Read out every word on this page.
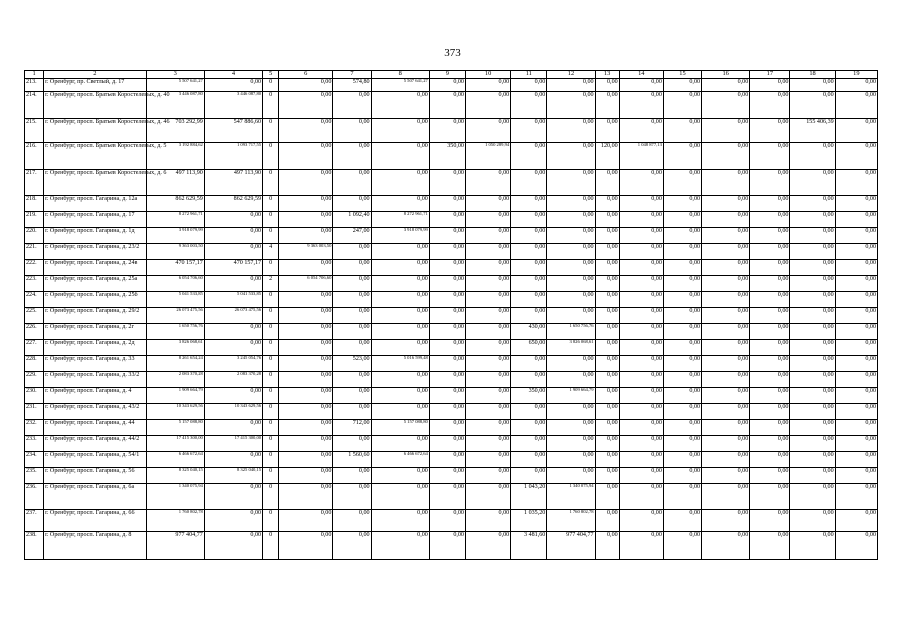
373
1	2	3	4	5	6	7	8	9	10	11	12	13	14	15	16	17	18	19
213.	г. Оренбург, пр. Светлый, д. 17	5 507 641,27	0,00	0	0,00	574,80	5 507 641,27	0,00	0,00	0,00	0,00	0,00	0,00	0,00	0,00	0,00	0,00	0,00
214.	г. Оренбург, просп. Братьев Коростелевых, д. 40	3 446 087,80	3 446 087,80	0	0,00	0,00	0,00	0,00	0,00	0,00	0,00	0,00	0,00	0,00	0,00	0,00	0,00	0,00
215.	г. Оренбург, просп. Братьев Коростелевых, д. 46	703 292,99	547 886,60	0	0,00	0,00	0,00	0,00	0,00	0,00	0,00	0,00	0,00	0,00	0,00	0,00	155 406,39	0,00
216.	г. Оренбург, просп. Братьев Коростелевых, д. 5	3 192 884,62	1 093 717,55	0	0,00	0,00	0,00	350,00	1 050 289,94	0,00	0,00	120,00	1 048 877,13	0,00	0,00	0,00	0,00	0,00
217.	г. Оренбург, просп. Братьев Коростелевых, д. 6	497 113,90	497 113,90	0	0,00	0,00	0,00	0,00	0,00	0,00	0,00	0,00	0,00	0,00	0,00	0,00	0,00	0,00
218.	г. Оренбург, просп. Гагарина, д. 12а	862 629,59	862 629,59	0	0,00	0,00	0,00	0,00	0,00	0,00	0,00	0,00	0,00	0,00	0,00	0,00	0,00	0,00
219.	г. Оренбург, просп. Гагарина, д. 17	8 272 961,71	0,00	0	0,00	1 092,40	8 272 961,71	0,00	0,00	0,00	0,00	0,00	0,00	0,00	0,00	0,00	0,00	0,00
220.	г. Оренбург, просп. Гагарина, д. 1д	3 918 079,99	0,00	0	0,00	247,00	3 918 079,99	0,00	0,00	0,00	0,00	0,00	0,00	0,00	0,00	0,00	0,00	0,00
221.	г. Оренбург, просп. Гагарина, д. 23/2	9 363 003,50	0,00	4	9 363 003,50	0,00	0,00	0,00	0,00	0,00	0,00	0,00	0,00	0,00	0,00	0,00	0,00	0,00
222.	г. Оренбург, просп. Гагарина, д. 24в	470 157,17	470 157,17	0	0,00	0,00	0,00	0,00	0,00	0,00	0,00	0,00	0,00	0,00	0,00	0,00	0,00	0,00
223.	г. Оренбург, просп. Гагарина, д. 25а	6 054 706,60	0,00	2	6 054 706,60	0,00	0,00	0,00	0,00	0,00	0,00	0,00	0,00	0,00	0,00	0,00	0,00	0,00
224.	г. Оренбург, просп. Гагарина, д. 25б	5 041 533,85	5 041 533,85	0	0,00	0,00	0,00	0,00	0,00	0,00	0,00	0,00	0,00	0,00	0,00	0,00	0,00	0,00
225.	г. Оренбург, просп. Гагарина, д. 29/2	26 073 475,56	26 073 475,56	0	0,00	0,00	0,00	0,00	0,00	0,00	0,00	0,00	0,00	0,00	0,00	0,00	0,00	0,00
226.	г. Оренбург, просп. Гагарина, д. 2г	1 650 756,76	0,00	0	0,00	0,00	0,00	0,00	0,00	430,00	1 650 756,76	0,00	0,00	0,00	0,00	0,00	0,00	0,00
227.	г. Оренбург, просп. Гагарина, д. 2д	3 826 068,61	0,00	0	0,00	0,00	0,00	0,00	0,00	650,00	3 826 068,61	0,00	0,00	0,00	0,00	0,00	0,00	0,00
228.	г. Оренбург, просп. Гагарина, д. 33	8 261 654,24	3 245 054,76	0	0,00	523,00	5 016 599,48	0,00	0,00	0,00	0,00	0,00	0,00	0,00	0,00	0,00	0,00	0,00
229.	г. Оренбург, просп. Гагарина, д. 33/2	2 083 370,28	2 083 370,28	0	0,00	0,00	0,00	0,00	0,00	0,00	0,00	0,00	0,00	0,00	0,00	0,00	0,00	0,00
230.	г. Оренбург, просп. Гагарина, д. 4	1 909 664,79	0,00	0	0,00	0,00	0,00	0,00	0,00	350,00	1 909 664,79	0,00	0,00	0,00	0,00	0,00	0,00	0,00
231.	г. Оренбург, просп. Гагарина, д. 43/2	10 343 629,56	10 343 629,56	0	0,00	0,00	0,00	0,00	0,00	0,00	0,00	0,00	0,00	0,00	0,00	0,00	0,00	0,00
232.	г. Оренбург, просп. Гагарина, д. 44	5 157 088,80	0,00	0	0,00	712,00	5 157 088,80	0,00	0,00	0,00	0,00	0,00	0,00	0,00	0,00	0,00	0,00	0,00
233.	г. Оренбург, просп. Гагарина, д. 44/2	17 415 300,00	17 415 300,00	0	0,00	0,00	0,00	0,00	0,00	0,00	0,00	0,00	0,00	0,00	0,00	0,00	0,00	0,00
234.	г. Оренбург, просп. Гагарина, д. 54/1	6 466 672,64	0,00	0	0,00	1 560,60	6 466 672,64	0,00	0,00	0,00	0,00	0,00	0,00	0,00	0,00	0,00	0,00	0,00
235.	г. Оренбург, просп. Гагарина, д. 56	8 325 040,15	8 325 040,15	0	0,00	0,00	0,00	0,00	0,00	0,00	0,00	0,00	0,00	0,00	0,00	0,00	0,00	0,00
236.	г. Оренбург, просп. Гагарина, д. 6а	1 340 075,94	0,00	0	0,00	0,00	0,00	0,00	0,00	1 043,20	1 340 075,94	0,00	0,00	0,00	0,00	0,00	0,00	0,00
237.	г. Оренбург, просп. Гагарина, д. 66	1 760 802,78	0,00	0	0,00	0,00	0,00	0,00	0,00	1 035,20	1 760 802,78	0,00	0,00	0,00	0,00	0,00	0,00	0,00
238.	г. Оренбург, просп. Гагарина, д. 8	977 404,77	0,00	0	0,00	0,00	0,00	0,00	0,00	3 481,60	977 404,77	0,00	0,00	0,00	0,00	0,00	0,00	0,00
